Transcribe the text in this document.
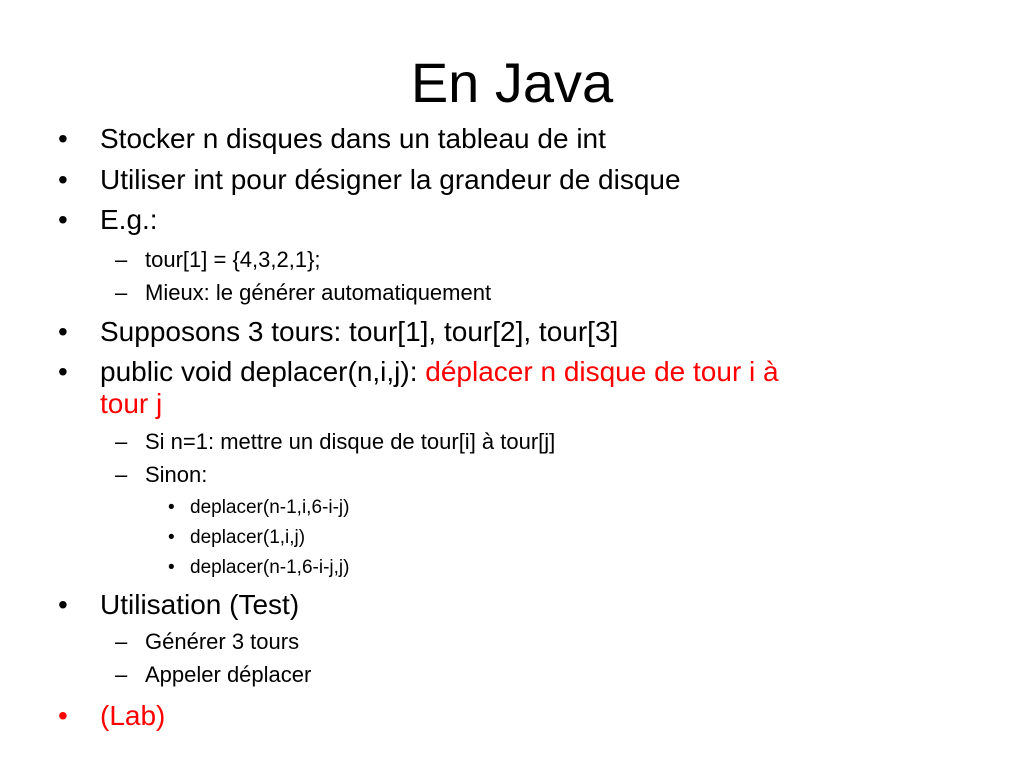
En Java
• Stocker n disques dans un tableau de int
• Utiliser int pour désigner la grandeur de disque
• E.g.:
– tour[1] = {4,3,2,1};
– Mieux: le générer automatiquement
• Supposons 3 tours: tour[1], tour[2], tour[3]
• public void deplacer(n,i,j): déplacer n disque de tour i à
tour j
– Si n=1: mettre un disque de tour[i] à tour[j]
– Sinon:
• deplacer(n-1,i,6-i-j)
• deplacer(1,i,j)
• deplacer(n-1,6-i-j,j)
• Utilisation (Test)
– Générer 3 tours
– Appeler déplacer
• (Lab)
